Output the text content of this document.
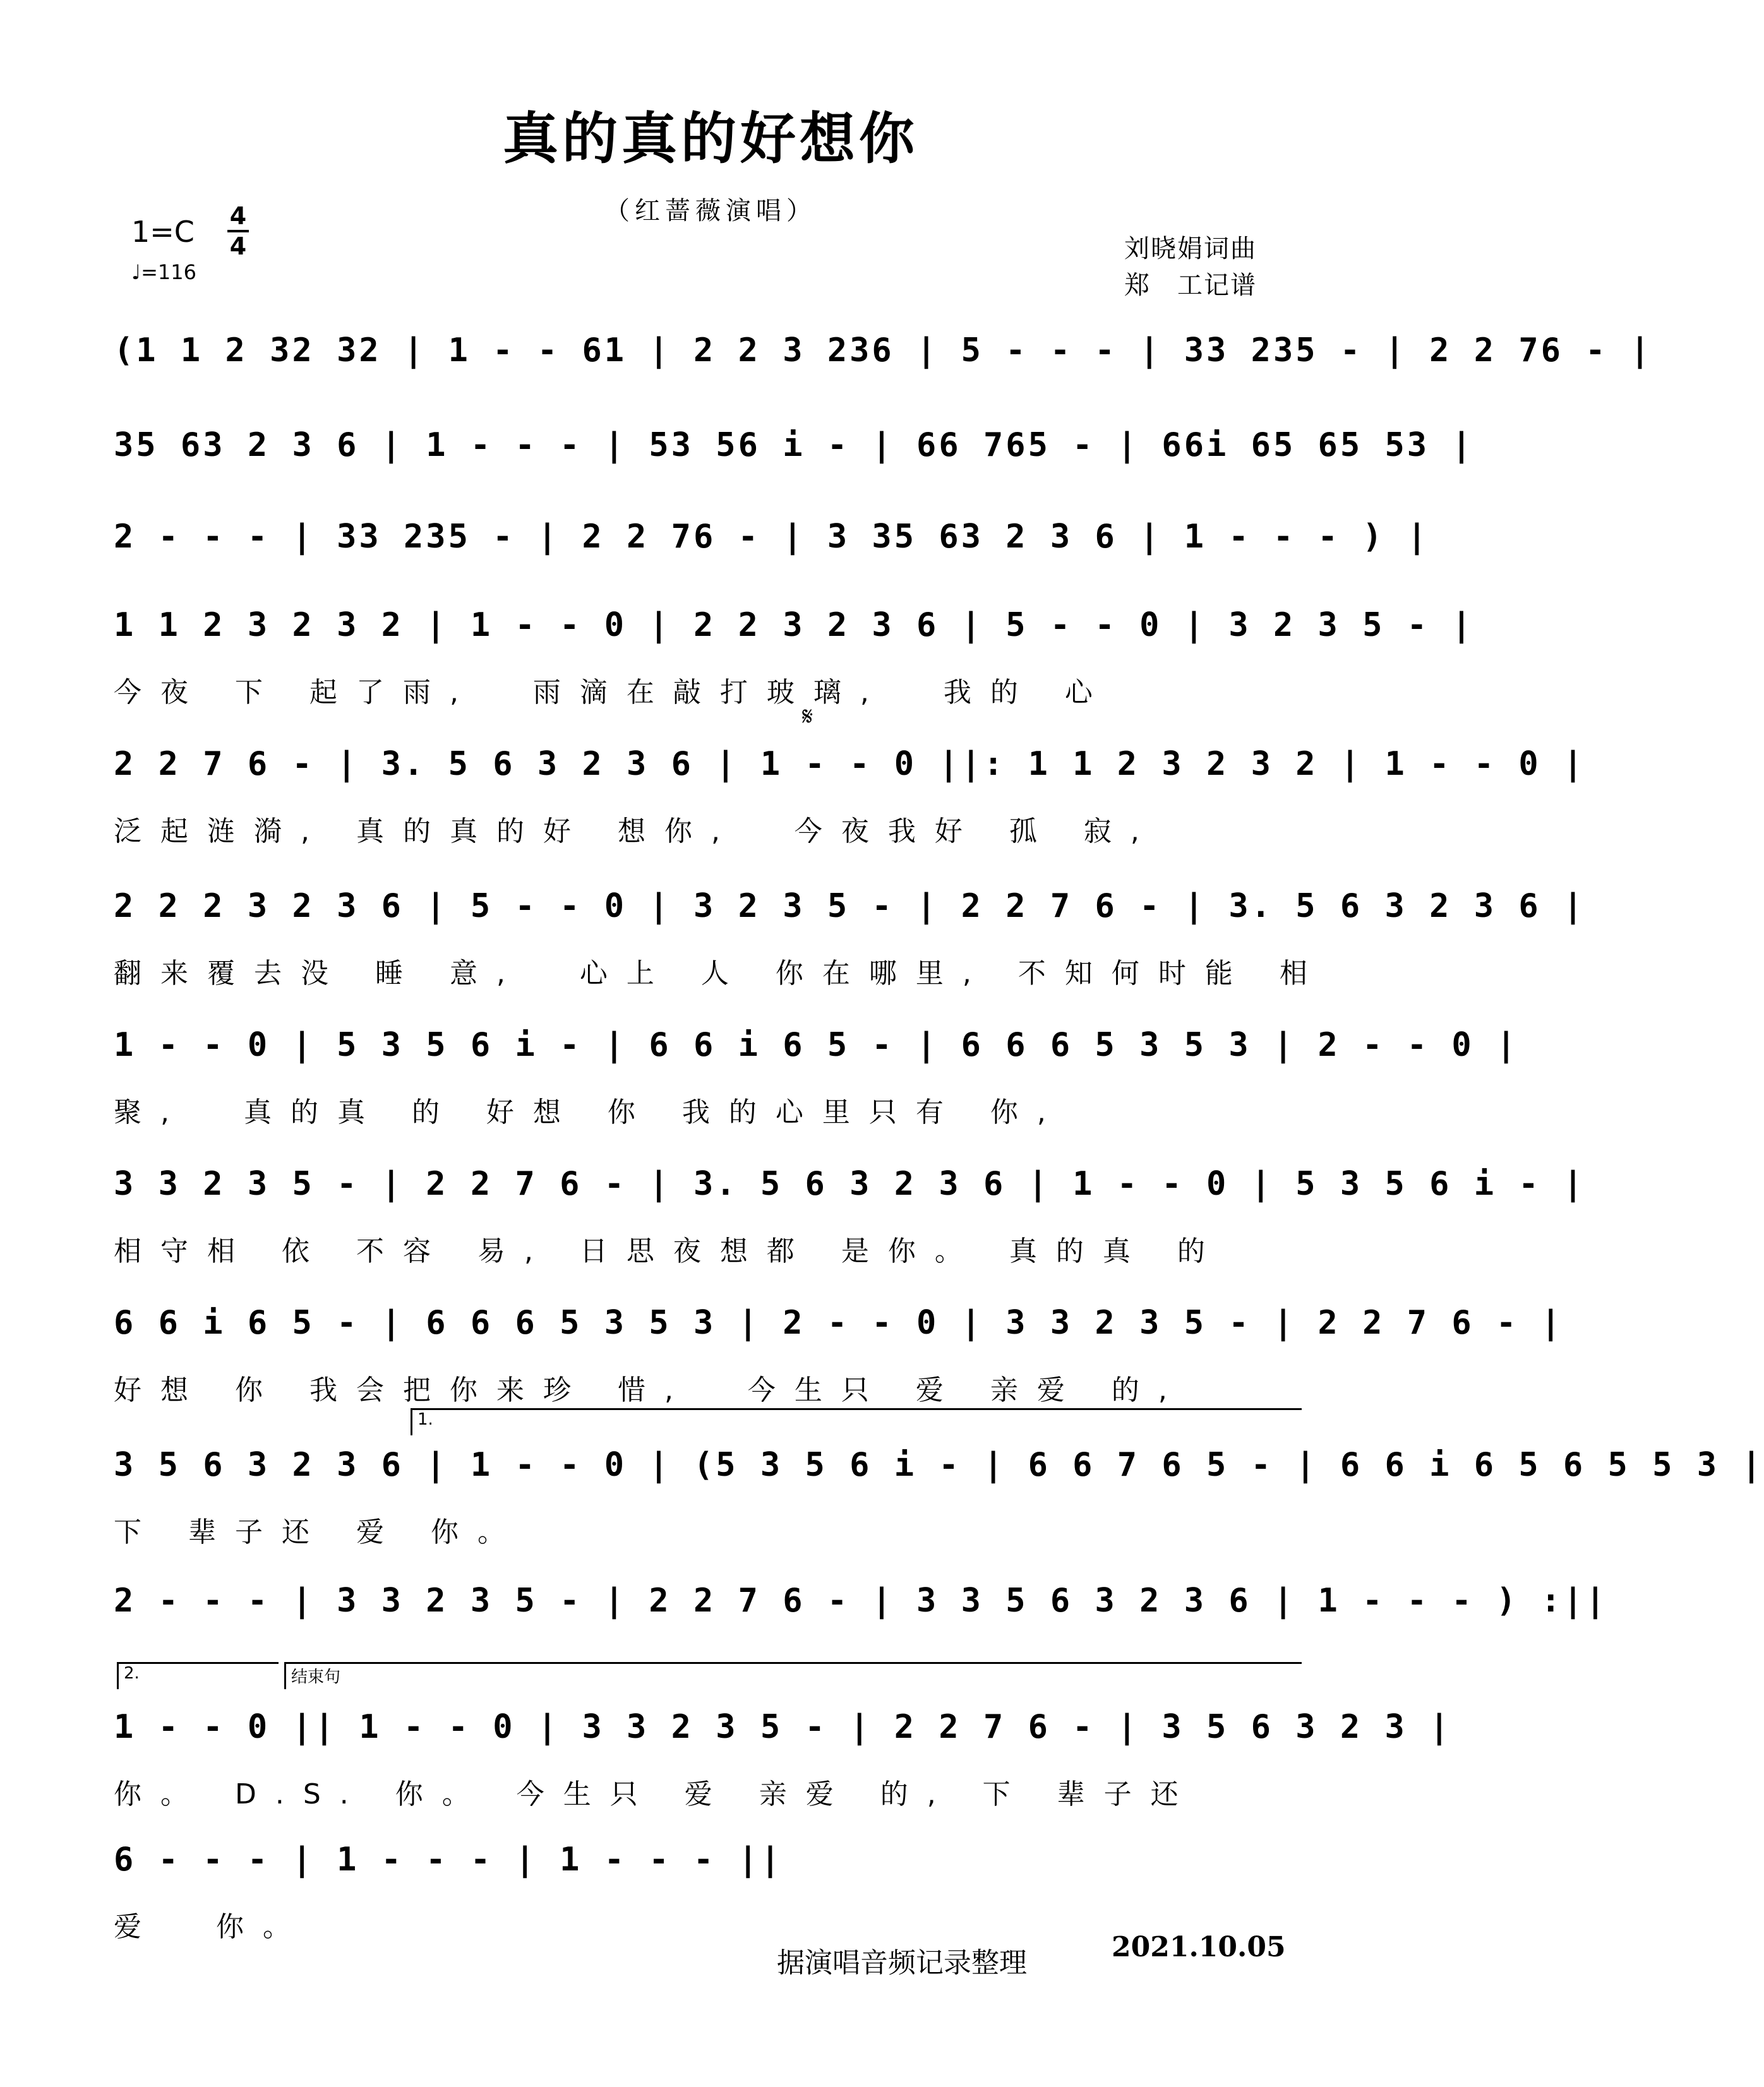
真的真的好想你
（红蔷薇演唱）
1=C 4
4
♩=116
刘晓娟词曲
郑　工记谱
(1 1 2 32 32 | 1 - - 61 | 2 2 3 236 | 5 - - - | 33 235 - | 2 2 76 - |
35 63 2 3 6 | 1 - - - | 53 56 i - | 66 765 - | 66i 65 65 53 |
2 - - - | 33 235 - | 2 2 76 - | 3 35 63 2 3 6 | 1 - - - ) |
1 1 2 3 2 3 2 | 1 - - 0 | 2 2 3 2 3 6 | 5 - - 0 | 3 2 3 5 - |
今夜 下 起了雨,  雨滴在敲打玻璃,  我的 心
𝄋
2 2 7 6 - | 3. 5 6 3 2 3 6 | 1 - - 0 ||: 1 1 2 3 2 3 2 | 1 - - 0 |
泛起涟漪, 真的真的好 想你,  今夜我好 孤 寂,
2 2 2 3 2 3 6 | 5 - - 0 | 3 2 3 5 - | 2 2 7 6 - | 3. 5 6 3 2 3 6 |
翻来覆去没 睡 意,  心上 人 你在哪里, 不知何时能 相
1 - - 0 | 5 3 5 6 i - | 6 6 i 6 5 - | 6 6 6 5 3 5 3 | 2 - - 0 |
聚,  真的真 的 好想 你 我的心里只有 你,
3 3 2 3 5 - | 2 2 7 6 - | 3. 5 6 3 2 3 6 | 1 - - 0 | 5 3 5 6 i - |
相守相 依 不容 易, 日思夜想都 是你。 真的真 的
6 6 i 6 5 - | 6 6 6 5 3 5 3 | 2 - - 0 | 3 3 2 3 5 - | 2 2 7 6 - |
好想 你 我会把你来珍 惜,  今生只 爱 亲爱 的,
1.
3 5 6 3 2 3 6 | 1 - - 0 | (5 3 5 6 i - | 6 6 7 6 5 - | 6 6 i 6 5 6 5 5 3 |
下 辈子还 爱 你。
2 - - - | 3 3 2 3 5 - | 2 2 7 6 - | 3 3 5 6 3 2 3 6 | 1 - - - ) :||
2.	结束句
1 - - 0 || 1 - - 0 | 3 3 2 3 5 - | 2 2 7 6 - | 3 5 6 3 2 3 |
你。 D.S. 你。 今生只 爱 亲爱 的, 下 辈子还
6 - - - | 1 - - - | 1 - - - ||
爱  你。
据演唱音频记录整理	2021.10.05
